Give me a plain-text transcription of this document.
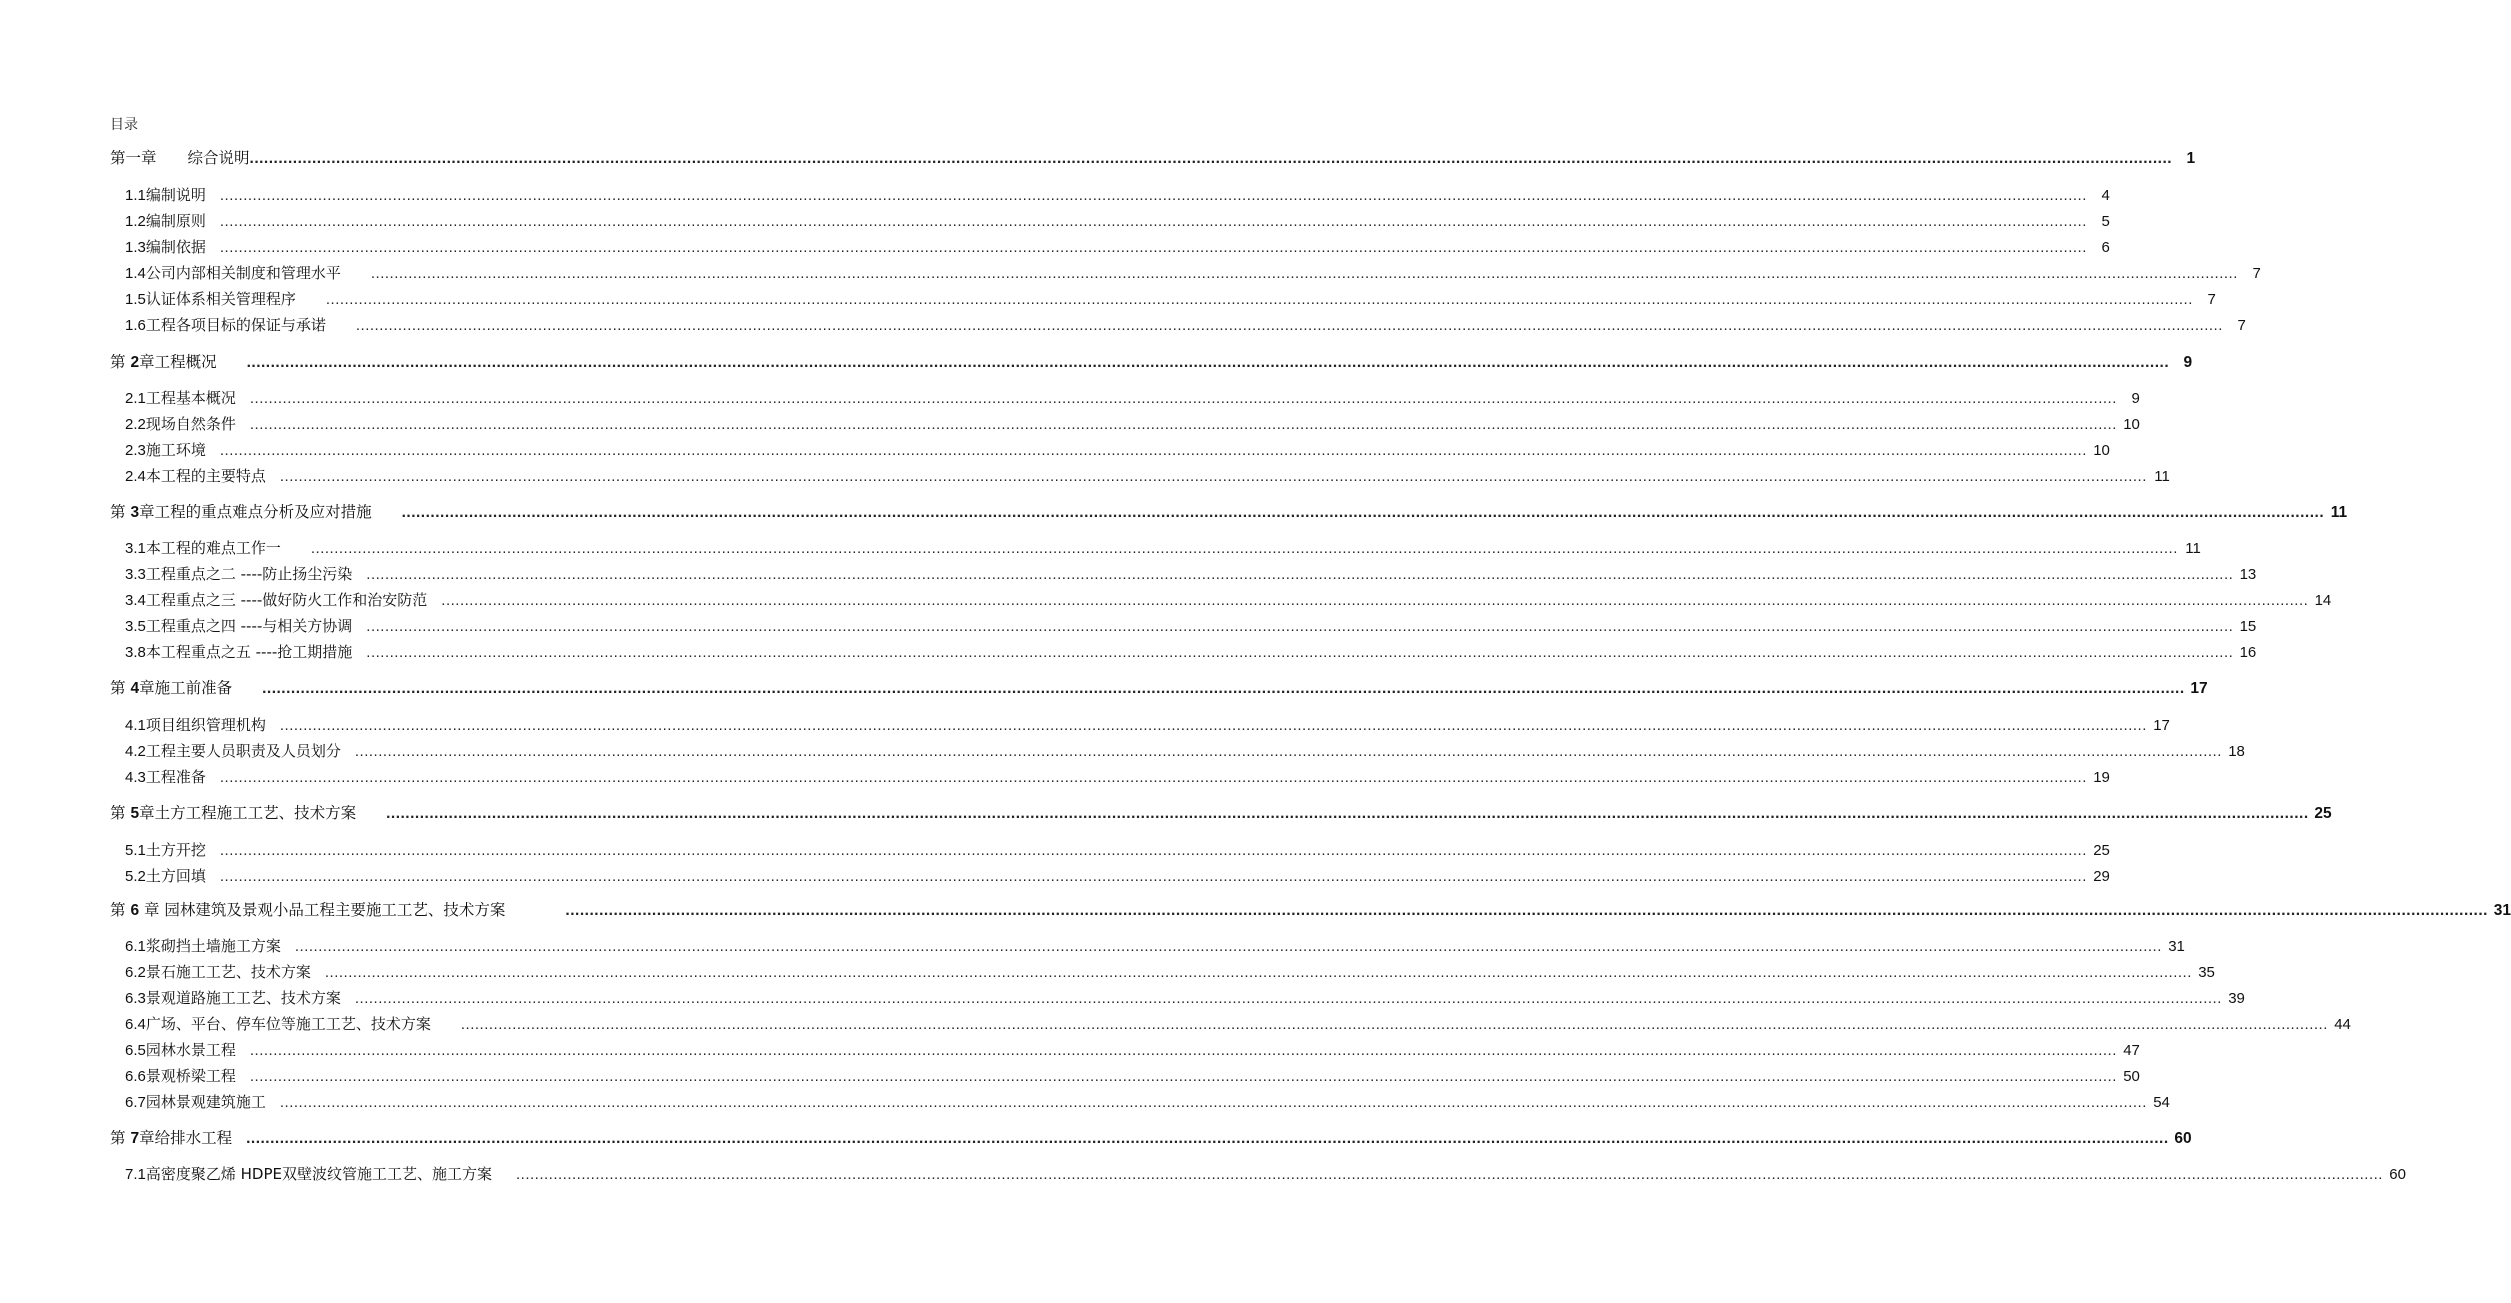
目录
第一章　　综合说明 ................................................................................................................................................................................................................................................................................................................................................................................................................ 1
1.1编制说明 ................................................................................................................................................................................................................................................................................................................................................................................................................ 4
1.2编制原则 ................................................................................................................................................................................................................................................................................................................................................................................................................ 5
1.3编制依据 ................................................................................................................................................................................................................................................................................................................................................................................................................ 6
1.4公司内部相关制度和管理水平 ................................................................................................................................................................................................................................................................................................................................................................................................................ 7
1.5认证体系相关管理程序 ................................................................................................................................................................................................................................................................................................................................................................................................................ 7
1.6工程各项目标的保证与承诺 ................................................................................................................................................................................................................................................................................................................................................................................................................ 7
第 2章工程概况 ................................................................................................................................................................................................................................................................................................................................................................................................................ 9
2.1工程基本概况 ................................................................................................................................................................................................................................................................................................................................................................................................................ 9
2.2现场自然条件 ................................................................................................................................................................................................................................................................................................................................................................................................................ 10
2.3施工环境 ................................................................................................................................................................................................................................................................................................................................................................................................................ 10
2.4本工程的主要特点 ................................................................................................................................................................................................................................................................................................................................................................................................................ 11
第 3章工程的重点难点分析及应对措施 ................................................................................................................................................................................................................................................................................................................................................................................................................ 11
3.1本工程的难点工作一 ................................................................................................................................................................................................................................................................................................................................................................................................................ 11
3.3工程重点之二 ----防止扬尘污染 ................................................................................................................................................................................................................................................................................................................................................................................................................ 13
3.4工程重点之三 ----做好防火工作和治安防范 ................................................................................................................................................................................................................................................................................................................................................................................................................ 14
3.5工程重点之四 ----与相关方协调 ................................................................................................................................................................................................................................................................................................................................................................................................................ 15
3.8本工程重点之五 ----抢工期措施 ................................................................................................................................................................................................................................................................................................................................................................................................................ 16
第 4章施工前准备 ................................................................................................................................................................................................................................................................................................................................................................................................................ 17
4.1项目组织管理机构 ................................................................................................................................................................................................................................................................................................................................................................................................................ 17
4.2工程主要人员职责及人员划分 ................................................................................................................................................................................................................................................................................................................................................................................................................ 18
4.3工程准备 ................................................................................................................................................................................................................................................................................................................................................................................................................ 19
第 5章土方工程施工工艺、技术方案 ................................................................................................................................................................................................................................................................................................................................................................................................................ 25
5.1土方开挖 ................................................................................................................................................................................................................................................................................................................................................................................................................ 25
5.2土方回填 ................................................................................................................................................................................................................................................................................................................................................................................................................ 29
第 6 章 园林建筑及景观小品工程主要施工工艺、技术方案	................................................................................................................................................................................................................................................................................................................................................................................................................ 31
6.1浆砌挡土墙施工方案 ................................................................................................................................................................................................................................................................................................................................................................................................................ 31
6.2景石施工工艺、技术方案 ................................................................................................................................................................................................................................................................................................................................................................................................................ 35
6.3景观道路施工工艺、技术方案 ................................................................................................................................................................................................................................................................................................................................................................................................................ 39
6.4广场、平台、停车位等施工工艺、技术方案 ................................................................................................................................................................................................................................................................................................................................................................................................................ 44
6.5园林水景工程 ................................................................................................................................................................................................................................................................................................................................................................................................................ 47
6.6景观桥梁工程 ................................................................................................................................................................................................................................................................................................................................................................................................................ 50
6.7园林景观建筑施工 ................................................................................................................................................................................................................................................................................................................................................................................................................ 54
第 7章给排水工程 ................................................................................................................................................................................................................................................................................................................................................................................................................ 60
7.1高密度聚乙烯 HDPE双壁波纹管施工工艺、施工方案 ................................................................................................................................................................................................................................................................................................................................................................................................................ 60
